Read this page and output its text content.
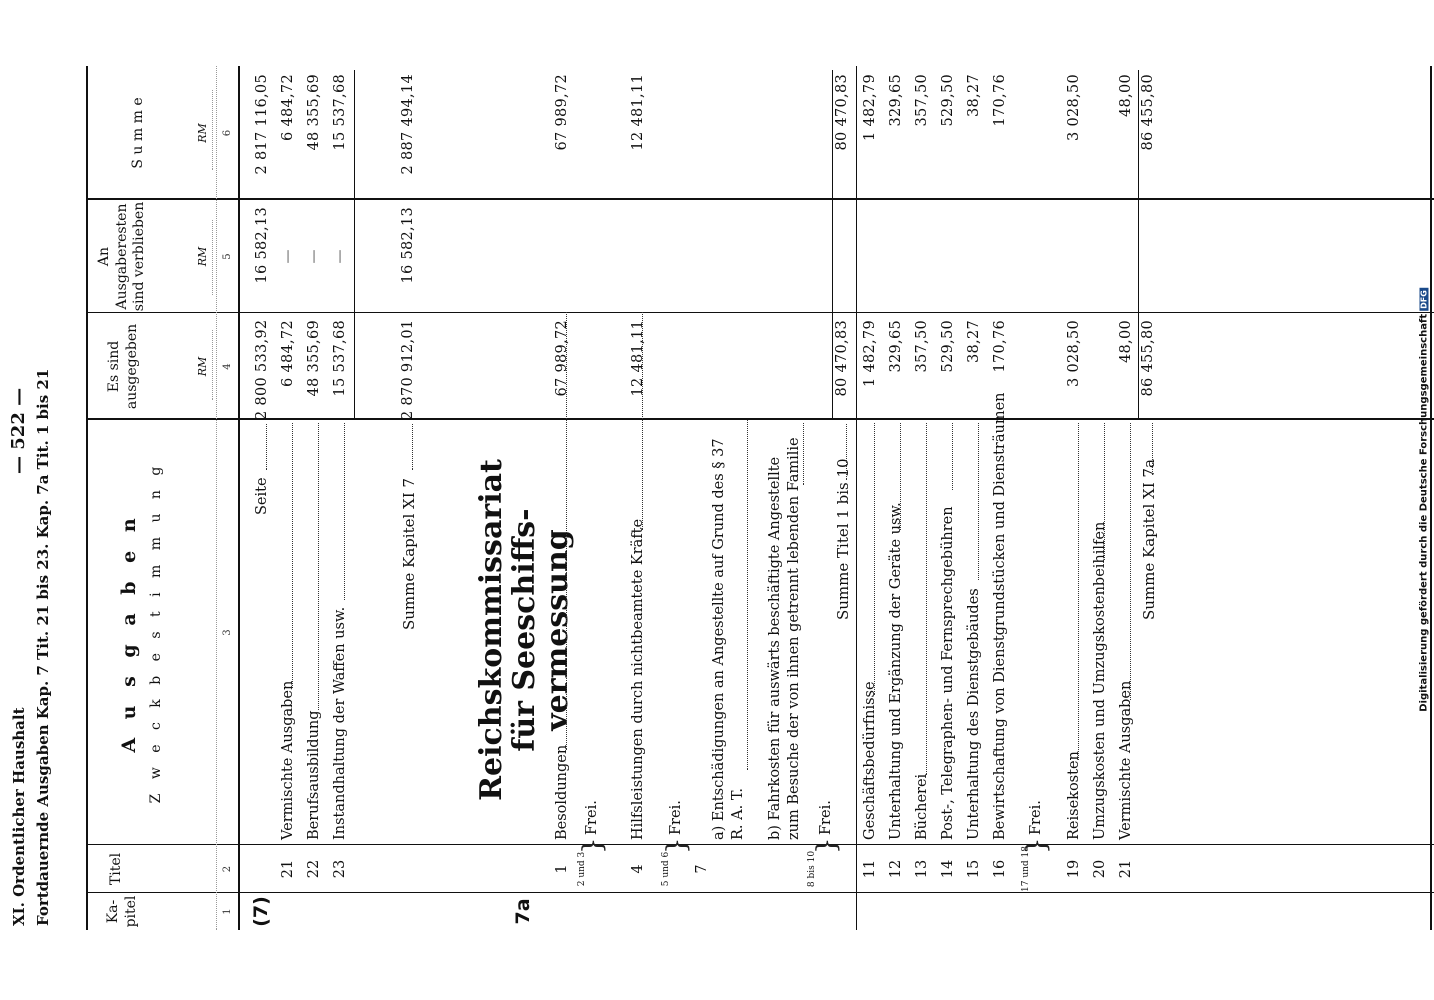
XI. Ordentlicher Haushalt Fortdauernde Ausgaben Kap. 7 Tit. 21 bis 23. Kap. 7a Tit. 1 bis 21
— 522 —
Ka-
pitel
Titel
A u s g a b e n Z w e c k b e s t i m m u n g
Es sind
ausgegeben
An
Ausgaberesten
sind verblieben
S u m m e
RM
RM
RM
1
2
3
4
5
6
(7)
Seite
2 800 533,92
16 582,13
2 817 116,05
21
Vermischte Ausgaben
6 484,72
—
6 484,72
22
Berufsausbildung
48 355,69
—
48 355,69
23
Instandhaltung der Waffen usw.
15 537,68
—
15 537,68
Summe Kapitel XI 7
2 870 912,01
16 582,13
2 887 494,14
7a
Reichskommissariat für Seeschiffs-vermessung
1
Besoldungen
67 989,72
67 989,72
2 und 3
}
Frei.
4
Hilfsleistungen durch nichtbeamtete Kräfte
12 481,11
12 481,11
5 und 6
}
Frei.
7
a) Entschädigungen an Angestellte auf Grund des § 37 R. A. T. b) Fahrkosten für auswärts beschäftigte Angestellte zum Besuche der von ihnen getrennt lebenden Familie
8 bis 10
}
Frei.
Summe Titel 1 bis 10
80 470,83
80 470,83
11
Geschäftsbedürfnisse
1 482,79
1 482,79
12
Unterhaltung und Ergänzung der Geräte usw.
329,65
329,65
13
Bücherei
357,50
357,50
14
Post-, Telegraphen- und Fernsprechgebühren
529,50
529,50
15
Unterhaltung des Dienstgebäudes
38,27
38,27
16
Bewirtschaftung von Dienstgrundstücken und Diensträumen
170,76
170,76
17 und 18
}
Frei.
19
Reisekosten
3 028,50
3 028,50
20
Umzugskosten und Umzugskostenbeihilfen
21
Vermischte Ausgaben
48,00
48,00
Summe Kapitel XI 7a
86 455,80
86 455,80
Digitalisierung gefördert durch die Deutsche ForschungsgemeinschaftDFG
